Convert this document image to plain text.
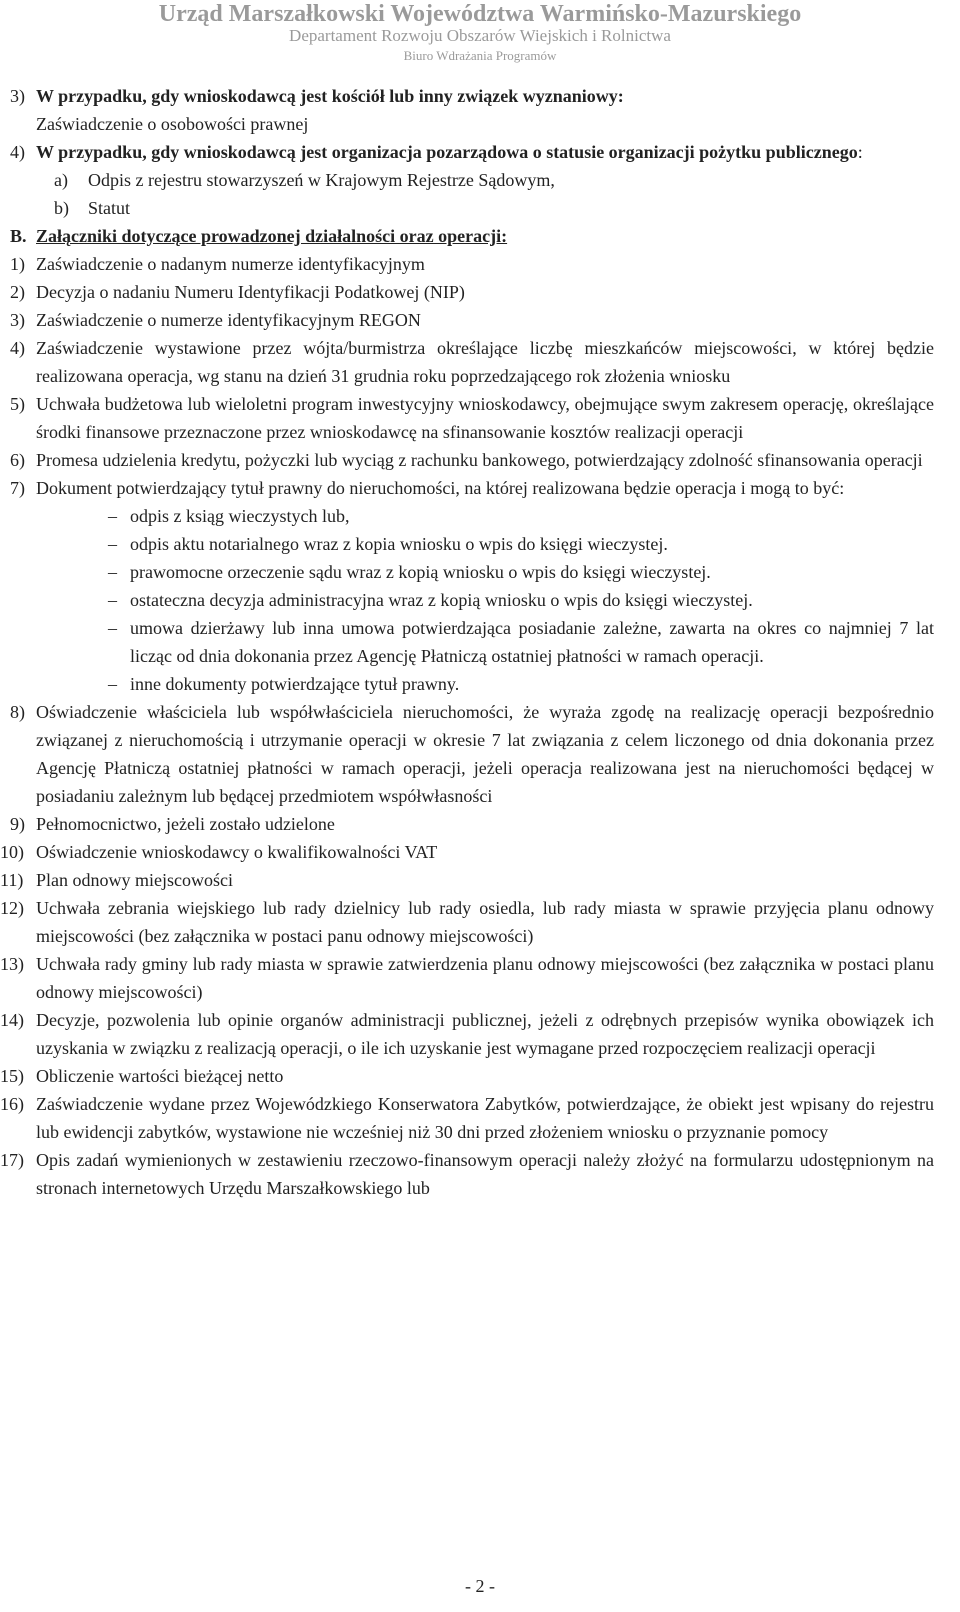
Urząd Marszałkowski Województwa Warmińsko-Mazurskiego
Departament Rozwoju Obszarów Wiejskich i Rolnictwa
Biuro Wdrażania Programów
3) W przypadku, gdy wnioskodawcą jest kościół lub inny związek wyznaniowy:
Zaświadczenie o osobowości prawnej
4) W przypadku, gdy wnioskodawcą jest organizacja pozarządowa o statusie organizacji pożytku publicznego:
a)	Odpis z rejestru stowarzyszeń w Krajowym Rejestrze Sądowym,
b)	Statut
B. Załączniki dotyczące prowadzonej działalności oraz operacji:
1) Zaświadczenie o nadanym numerze identyfikacyjnym
2) Decyzja o nadaniu Numeru Identyfikacji Podatkowej (NIP)
3) Zaświadczenie o numerze identyfikacyjnym REGON
4) Zaświadczenie wystawione przez wójta/burmistrza określające liczbę mieszkańców miejscowości, w której będzie realizowana operacja, wg stanu na dzień 31 grudnia roku poprzedzającego rok złożenia wniosku
5) Uchwała budżetowa lub wieloletni program inwestycyjny wnioskodawcy, obejmujące swym zakresem operację, określające środki finansowe przeznaczone przez wnioskodawcę na sfinansowanie kosztów realizacji operacji
6) Promesa udzielenia kredytu, pożyczki lub wyciąg z rachunku bankowego, potwierdzający zdolność sfinansowania operacji
7) Dokument potwierdzający tytuł prawny do nieruchomości, na której realizowana będzie operacja i mogą to być:
– odpis z ksiąg wieczystych lub,
– odpis aktu notarialnego wraz z kopia wniosku o wpis do księgi wieczystej.
– prawomocne orzeczenie sądu wraz z kopią wniosku o wpis do księgi wieczystej.
– ostateczna decyzja administracyjna wraz z kopią wniosku o wpis do księgi wieczystej.
– umowa dzierżawy lub inna umowa potwierdzająca posiadanie zależne, zawarta na okres co najmniej 7 lat licząc od dnia dokonania przez Agencję Płatniczą ostatniej płatności w ramach operacji.
– inne dokumenty potwierdzające tytuł prawny.
8) Oświadczenie właściciela lub współwłaściciela nieruchomości, że wyraża zgodę na realizację operacji bezpośrednio związanej z nieruchomością i utrzymanie operacji w okresie 7 lat związania z celem liczonego od dnia dokonania przez Agencję Płatniczą ostatniej płatności w ramach operacji, jeżeli operacja realizowana jest na nieruchomości będącej w posiadaniu zależnym lub będącej przedmiotem współwłasności
9) Pełnomocnictwo, jeżeli zostało udzielone
10) Oświadczenie wnioskodawcy o kwalifikowalności VAT
11) Plan odnowy miejscowości
12) Uchwała zebrania wiejskiego lub rady dzielnicy lub rady osiedla, lub rady miasta w sprawie przyjęcia planu odnowy miejscowości (bez załącznika w postaci panu odnowy miejscowości)
13) Uchwała rady gminy lub rady miasta w sprawie zatwierdzenia planu odnowy miejscowości (bez załącznika w postaci planu odnowy miejscowości)
14) Decyzje, pozwolenia lub opinie organów administracji publicznej, jeżeli z odrębnych przepisów wynika obowiązek ich uzyskania w związku z realizacją operacji, o ile ich uzyskanie jest wymagane przed rozpoczęciem realizacji operacji
15) Obliczenie wartości bieżącej netto
16) Zaświadczenie wydane przez Wojewódzkiego Konserwatora Zabytków, potwierdzające, że obiekt jest wpisany do rejestru lub ewidencji zabytków, wystawione nie wcześniej niż 30 dni przed złożeniem wniosku o przyznanie pomocy
17) Opis zadań wymienionych w zestawieniu rzeczowo-finansowym operacji należy złożyć na formularzu udostępnionym na stronach internetowych Urzędu Marszałkowskiego lub
- 2 -
